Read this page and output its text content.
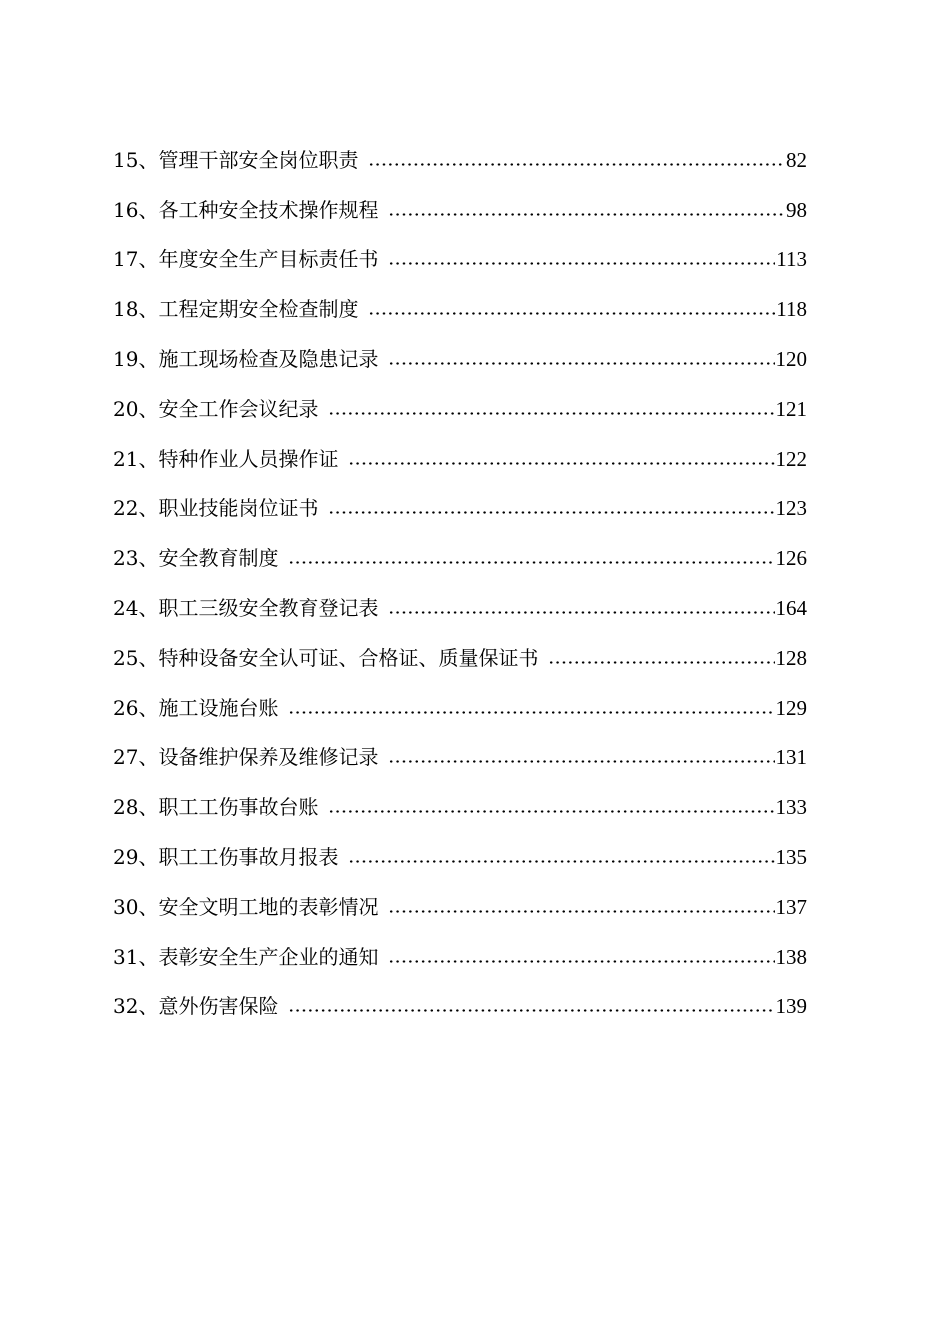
15、管理干部安全岗位职责	82
16、各工种安全技术操作规程	98
17、年度安全生产目标责任书	113
18、工程定期安全检查制度	118
19、施工现场检查及隐患记录	120
20、安全工作会议纪录	121
21、特种作业人员操作证	122
22、职业技能岗位证书	123
23、安全教育制度	126
24、职工三级安全教育登记表	164
25、特种设备安全认可证、合格证、质量保证书	128
26、施工设施台账	129
27、设备维护保养及维修记录	131
28、职工工伤事故台账	133
29、职工工伤事故月报表	135
30、安全文明工地的表彰情况	137
31、表彰安全生产企业的通知	138
32、意外伤害保险	139
